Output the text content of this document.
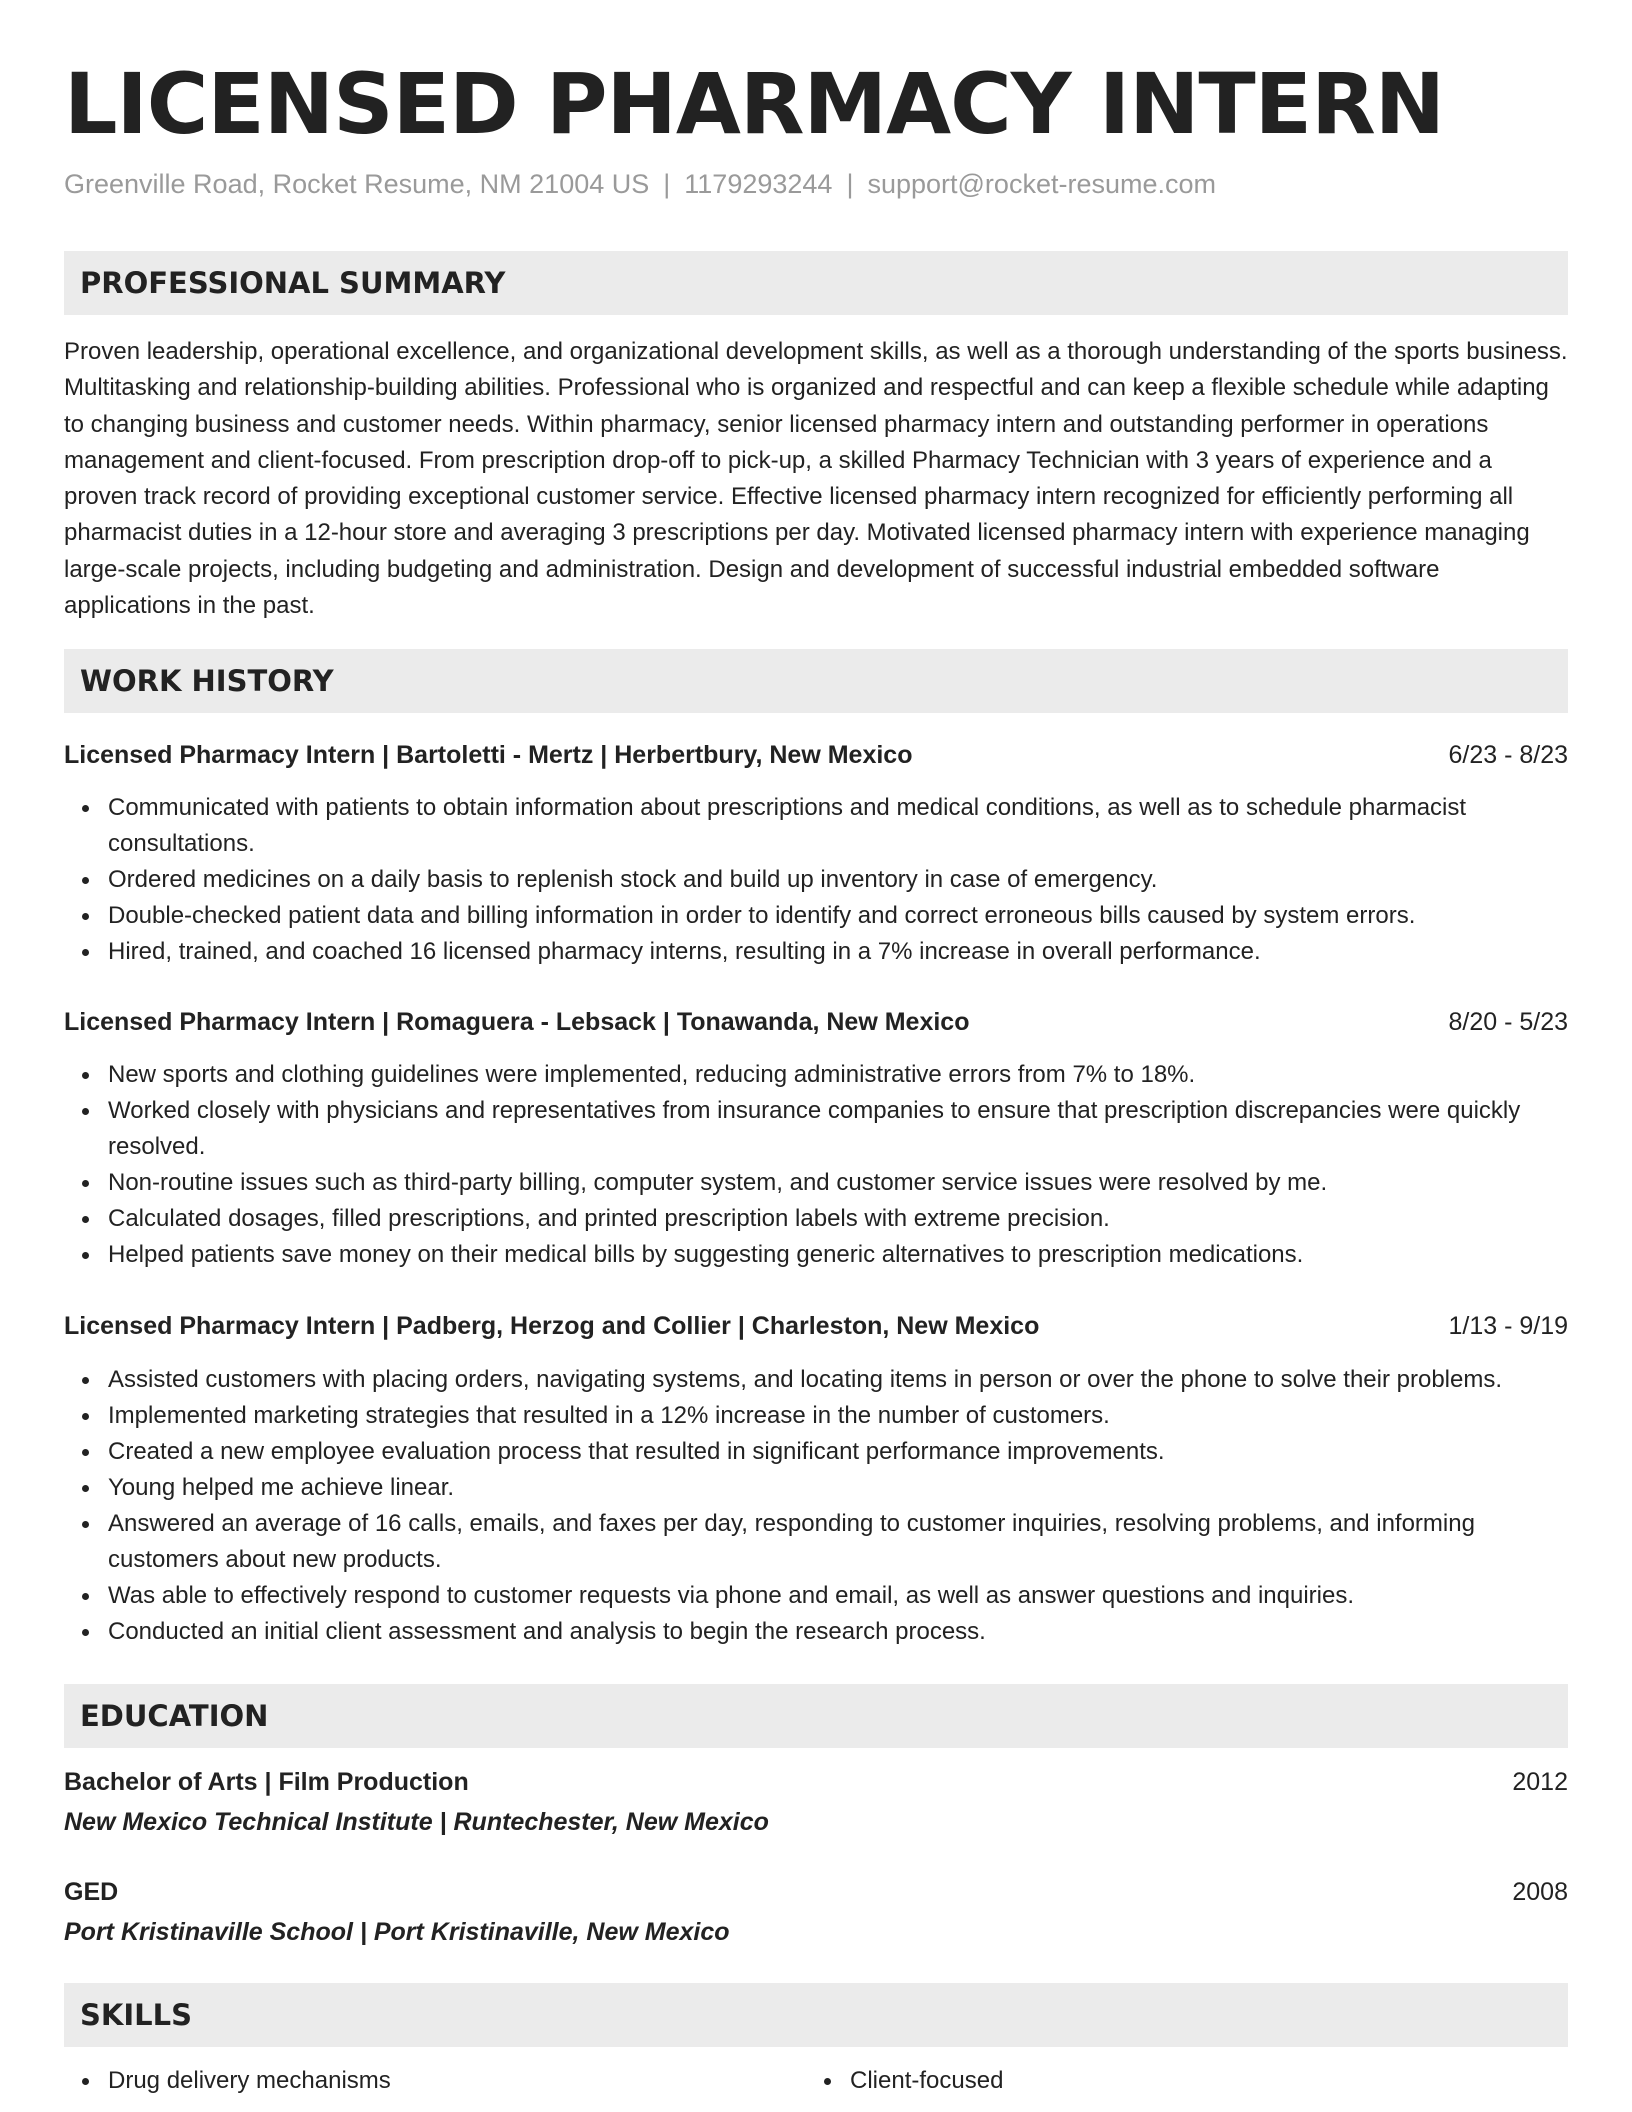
LICENSED PHARMACY INTERN
Greenville Road, Rocket Resume, NM 21004 US | 1179293244 | support@rocket-resume.com
PROFESSIONAL SUMMARY

Proven leadership, operational excellence, and organizational development skills, as well as a thorough understanding of the sports business. Multitasking and relationship-building abilities. Professional who is organized and respectful and can keep a flexible schedule while adapting to changing business and customer needs. Within pharmacy, senior licensed pharmacy intern and outstanding performer in operations management and client-focused. From prescription drop-off to pick-up, a skilled Pharmacy Technician with 3 years of experience and a proven track record of providing exceptional customer service. Effective licensed pharmacy intern recognized for efficiently performing all pharmacist duties in a 12-hour store and averaging 3 prescriptions per day. Motivated licensed pharmacy intern with experience managing large-scale projects, including budgeting and administration. Design and development of successful industrial embedded software applications in the past.

WORK HISTORY
Licensed Pharmacy Intern | Bartoletti - Mertz | Herbertbury, New Mexico	6/23 - 8/23
Communicated with patients to obtain information about prescriptions and medical conditions, as well as to schedule pharmacist consultations.
Ordered medicines on a daily basis to replenish stock and build up inventory in case of emergency.
Double-checked patient data and billing information in order to identify and correct erroneous bills caused by system errors.
Hired, trained, and coached 16 licensed pharmacy interns, resulting in a 7% increase in overall performance.
Licensed Pharmacy Intern | Romaguera - Lebsack | Tonawanda, New Mexico	8/20 - 5/23
New sports and clothing guidelines were implemented, reducing administrative errors from 7% to 18%.
Worked closely with physicians and representatives from insurance companies to ensure that prescription discrepancies were quickly resolved.
Non-routine issues such as third-party billing, computer system, and customer service issues were resolved by me.
Calculated dosages, filled prescriptions, and printed prescription labels with extreme precision.
Helped patients save money on their medical bills by suggesting generic alternatives to prescription medications.
Licensed Pharmacy Intern | Padberg, Herzog and Collier | Charleston, New Mexico	1/13 - 9/19
Assisted customers with placing orders, navigating systems, and locating items in person or over the phone to solve their problems.
Implemented marketing strategies that resulted in a 12% increase in the number of customers.
Created a new employee evaluation process that resulted in significant performance improvements.
Young helped me achieve linear.
Answered an average of 16 calls, emails, and faxes per day, responding to customer inquiries, resolving problems, and informing customers about new products.
Was able to effectively respond to customer requests via phone and email, as well as answer questions and inquiries.
Conducted an initial client assessment and analysis to begin the research process.
EDUCATION
Bachelor of Arts | Film Production	2012
New Mexico Technical Institute | Runtechester, New Mexico
GED	2008
Port Kristinaville School | Port Kristinaville, New Mexico
SKILLS
Drug delivery mechanisms	Client-focused
